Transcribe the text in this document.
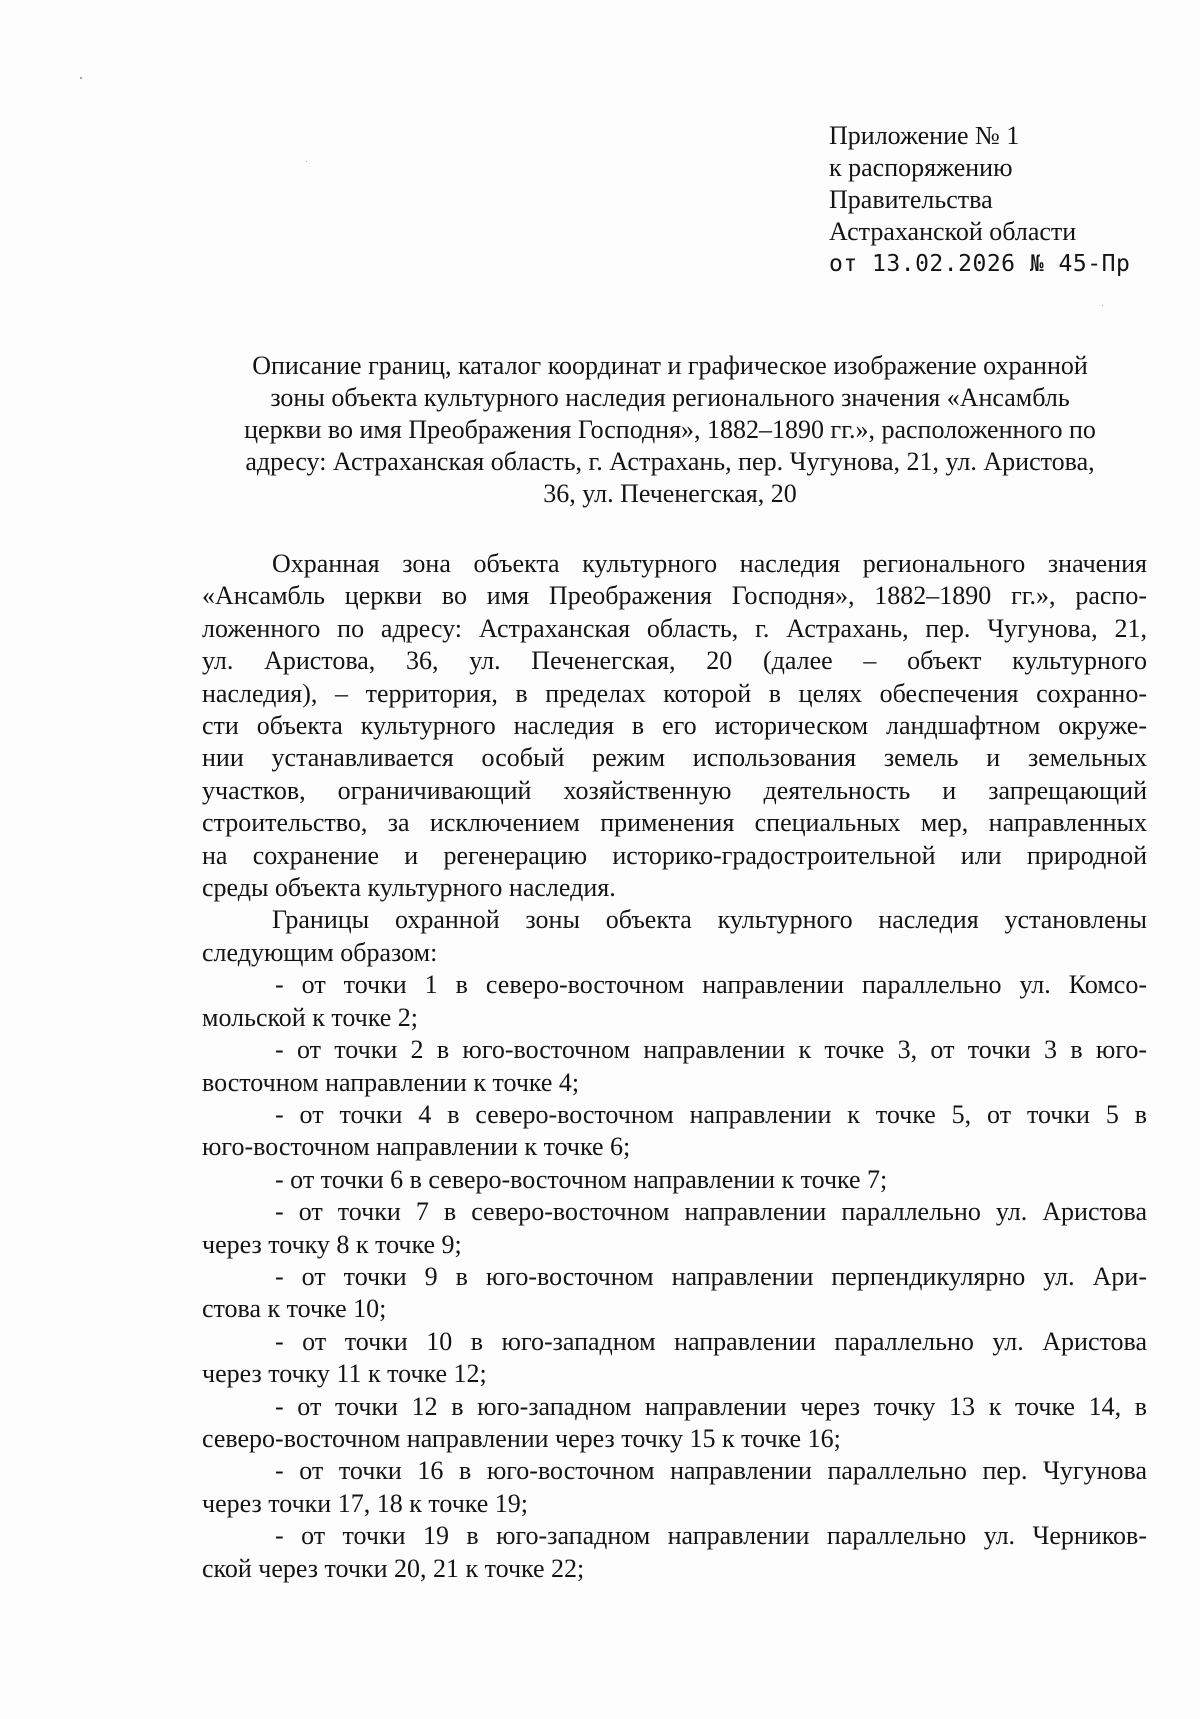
Приложение № 1
к распоряжению
Правительства
Астраханской области
от 13.02.2026 № 45-Пр
Описание границ, каталог координат и графическое изображение охранной
зоны объекта культурного наследия регионального значения «Ансамбль
церкви во имя Преображения Господня», 1882–1890 гг.», расположенного по
адресу: Астраханская область, г. Астрахань, пер. Чугунова, 21, ул. Аристова,
36, ул. Печенегская, 20
Охранная зона объекта культурного наследия регионального значения
«Ансамбль церкви во имя Преображения Господня», 1882–1890 гг.», распо-
ложенного по адресу: Астраханская область, г. Астрахань, пер. Чугунова, 21,
ул. Аристова, 36, ул. Печенегская, 20 (далее – объект культурного
наследия), – территория, в пределах которой в целях обеспечения сохранно-
сти объекта культурного наследия в его историческом ландшафтном окруже-
нии устанавливается особый режим использования земель и земельных
участков, ограничивающий хозяйственную деятельность и запрещающий
строительство, за исключением применения специальных мер, направленных
на сохранение и регенерацию историко-градостроительной или природной
среды объекта культурного наследия.
Границы охранной зоны объекта культурного наследия установлены
следующим образом:
- от точки 1 в северо-восточном направлении параллельно ул. Комсо-
мольской к точке 2;
- от точки 2 в юго-восточном направлении к точке 3, от точки 3 в юго-
восточном направлении к точке 4;
- от точки 4 в северо-восточном направлении к точке 5, от точки 5 в
юго-восточном направлении к точке 6;
- от точки 6 в северо-восточном направлении к точке 7;
- от точки 7 в северо-восточном направлении параллельно ул. Аристова
через точку 8 к точке 9;
- от точки 9 в юго-восточном направлении перпендикулярно ул. Ари-
стова к точке 10;
- от точки 10 в юго-западном направлении параллельно ул. Аристова
через точку 11 к точке 12;
- от точки 12 в юго-западном направлении через точку 13 к точке 14, в
северо-восточном направлении через точку 15 к точке 16;
- от точки 16 в юго-восточном направлении параллельно пер. Чугунова
через точки 17, 18 к точке 19;
- от точки 19 в юго-западном направлении параллельно ул. Черников-
ской через точки 20, 21 к точке 22;
